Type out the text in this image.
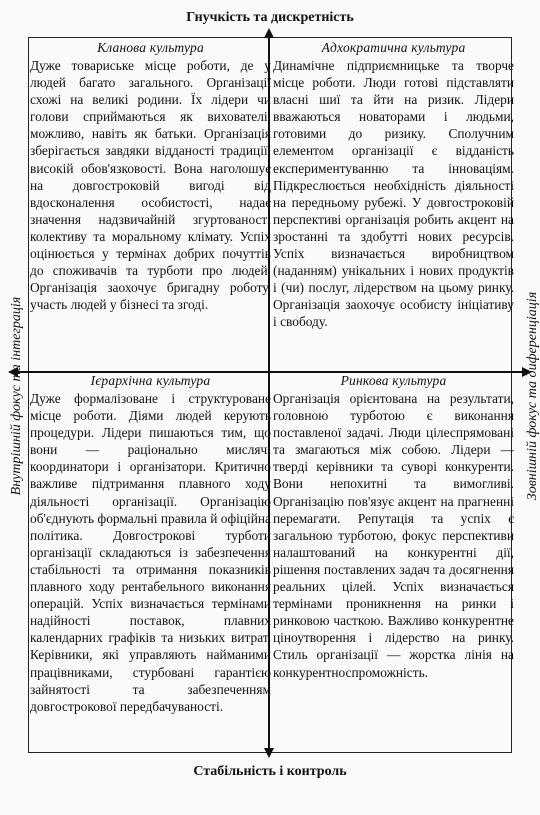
Гнучкість та дискретність
Стабільність і контроль
Внутрішній фокус та інтеграція	Зовнішній фокус та диференціація
Кланова культура

Дуже товариське місце роботи, де у людей багато загального. Організації схожі на великі родини. Їх лідери чи голови сприймаються як вихователі, можливо, навіть як батьки. Організація зберігається завдяки відданості традиції, високій обов'язковості. Вона наголошує на довгостроковій вигоді від вдосконалення особистості, надає значення надзвичайній згуртованості колективу та моральному клімату. Успіх оцінюється у термінах добрих почуттів до споживачів та турботи про людей. Організація заохочує бригадну роботу, участь людей у бізнесі та згоді.

Адхократична культура

Динамічне підприємницьке та творче місце роботи. Люди готові підставляти власні шиї та йти на ризик. Лідери вважаються новаторами і людьми, готовими до ризику. Сполучним елементом організації є відданість експериментуванню та інноваціям. Підкреслюється необхідність діяльності на передньому рубежі. У довгостроковій перспективі організація робить акцент на зростанні та здобутті нових ресурсів. Успіх визначається виробництвом (наданням) унікальних і нових продуктів і (чи) послуг, лідерством на цьому ринку. Організація заохочує особисту ініціативу і свободу.

Ієрархічна культура

Дуже формалізоване і структуроване місце роботи. Діями людей керують процедури. Лідери пишаються тим, що вони — раціонально мислячі координатори і організатори. Критично важливе підтримання плавного ходу діяльності організації. Організацію об'єднують формальні правила й офіційна політика. Довгострокові турботи організації складаються із забезпечення стабільності та отримання показників плавного ходу рентабельного виконання операцій. Успіх визначається термінами надійності поставок, плавних календарних графіків та низьких витрат. Керівники, які управляють найманими працівниками, стурбовані гарантією зайнятості та забезпеченням довгострокової передбачуваності.

Ринкова культура

Організація орієнтована на результати, головною турботою є виконання поставленої задачі. Люди цілеспрямовані та змагаються між собою. Лідери — тверді керівники та суворі конкуренти. Вони непохитні та вимогливі. Організацію пов'язує акцент на прагненні перемагати. Репутація та успіх є загальною турботою, фокус перспективи налаштований на конкурентні дії, рішення поставлених задач та досягнення реальних цілей. Успіх визначається термінами проникнення на ринки і ринковою часткою. Важливо конкурентне ціноутворення і лідерство на ринку. Стиль організації — жорстка лінія на конкурентноспроможність.
